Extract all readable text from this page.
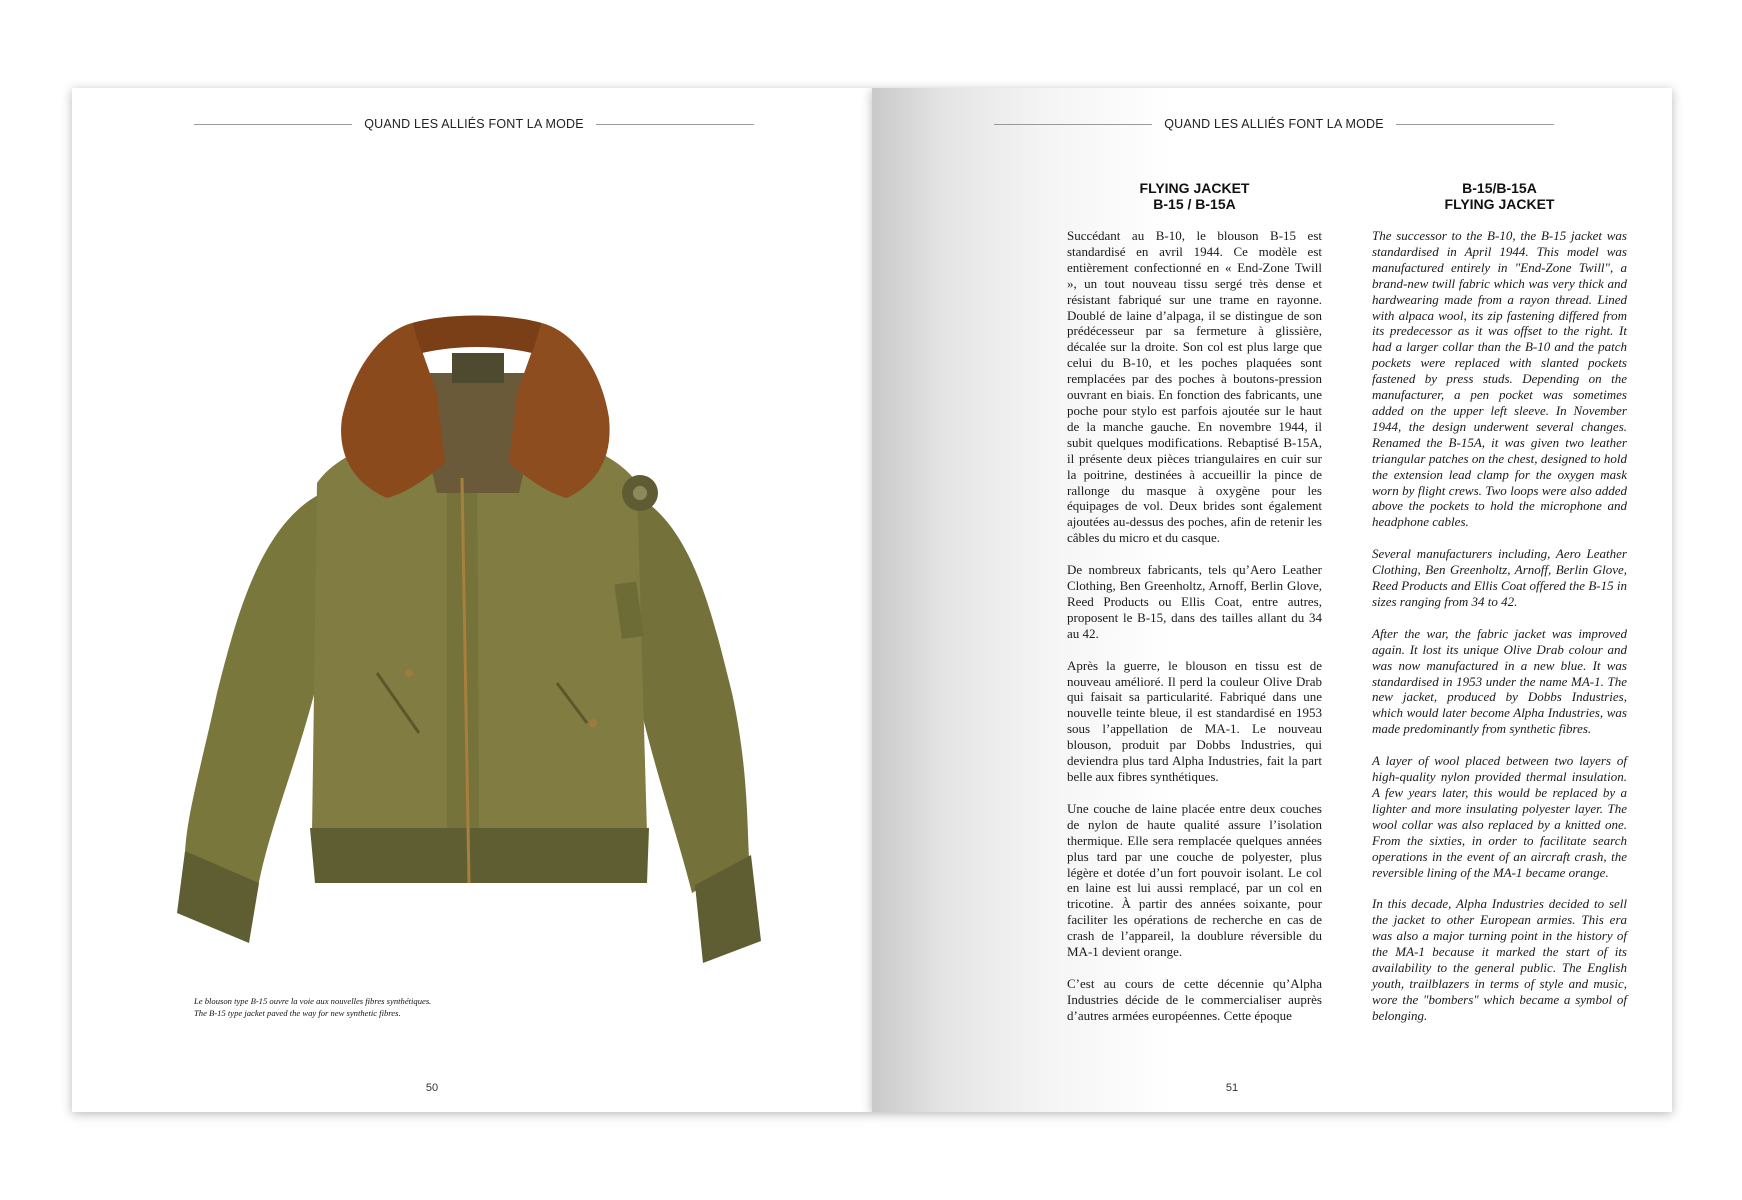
QUAND LES ALLIÉS FONT LA MODE
Le blouson type B-15 ouvre la voie aux nouvelles fibres synthétiques.
The B-15 type jacket paved the way for new synthetic fibres.
50
QUAND LES ALLIÉS FONT LA MODE
FLYING JACKET
B-15 / B-15A

Succédant au B-10, le blouson B-15 est standardisé en avril 1944. Ce modèle est entièrement confectionné en « End-Zone Twill », un tout nouveau tissu sergé très dense et résistant fabriqué sur une trame en rayonne. Doublé de laine d’alpaga, il se distingue de son prédécesseur par sa fermeture à glissière, décalée sur la droite. Son col est plus large que celui du B-10, et les poches plaquées sont remplacées par des poches à boutons-pression ouvrant en biais. En fonction des fabricants, une poche pour stylo est parfois ajoutée sur le haut de la manche gauche. En novembre 1944, il subit quelques modifications. Rebaptisé B-15A, il présente deux pièces triangulaires en cuir sur la poitrine, destinées à accueillir la pince de rallonge du masque à oxygène pour les équipages de vol. Deux brides sont également ajoutées au-dessus des poches, afin de retenir les câbles du micro et du casque.

De nombreux fabricants, tels qu’Aero Leather Clothing, Ben Greenholtz, Arnoff, Berlin Glove, Reed Products ou Ellis Coat, entre autres, proposent le B-15, dans des tailles allant du 34 au 42.

Après la guerre, le blouson en tissu est de nouveau amélioré. Il perd la couleur Olive Drab qui faisait sa particularité. Fabriqué dans une nouvelle teinte bleue, il est standardisé en 1953 sous l’appellation de MA-1. Le nouveau blouson, produit par Dobbs Industries, qui deviendra plus tard Alpha Industries, fait la part belle aux fibres synthétiques.

Une couche de laine placée entre deux couches de nylon de haute qualité assure l’isolation thermique. Elle sera remplacée quelques années plus tard par une couche de polyester, plus légère et dotée d’un fort pouvoir isolant. Le col en laine est lui aussi remplacé, par un col en tricotine. À partir des années soixante, pour faciliter les opérations de recherche en cas de crash de l’appareil, la doublure réversible du MA-1 devient orange.

C’est au cours de cette décennie qu’Alpha Industries décide de le commercialiser auprès d’autres armées européennes. Cette époque

B-15/B-15A
FLYING JACKET

The successor to the B-10, the B-15 jacket was standardised in April 1944. This model was manufactured entirely in "End-Zone Twill", a brand-new twill fabric which was very thick and hardwearing made from a rayon thread. Lined with alpaca wool, its zip fastening differed from its predecessor as it was offset to the right. It had a larger collar than the B-10 and the patch pockets were replaced with slanted pockets fastened by press studs. Depending on the manufacturer, a pen pocket was sometimes added on the upper left sleeve. In November 1944, the design underwent several changes. Renamed the B-15A, it was given two leather triangular patches on the chest, designed to hold the extension lead clamp for the oxygen mask worn by flight crews. Two loops were also added above the pockets to hold the microphone and headphone cables.

Several manufacturers including, Aero Leather Clothing, Ben Greenholtz, Arnoff, Berlin Glove, Reed Products and Ellis Coat offered the B-15 in sizes ranging from 34 to 42.

After the war, the fabric jacket was improved again. It lost its unique Olive Drab colour and was now manufactured in a new blue. It was standardised in 1953 under the name MA-1. The new jacket, produced by Dobbs Industries, which would later become Alpha Industries, was made predominantly from synthetic fibres.

A layer of wool placed between two layers of high-quality nylon provided thermal insulation. A few years later, this would be replaced by a lighter and more insulating polyester layer. The wool collar was also replaced by a knitted one. From the sixties, in order to facilitate search operations in the event of an aircraft crash, the reversible lining of the MA-1 became orange.

In this decade, Alpha Industries decided to sell the jacket to other European armies. This era was also a major turning point in the history of the MA-1 because it marked the start of its availability to the general public. The English youth, trailblazers in terms of style and music, wore the "bombers" which became a symbol of belonging.

51
